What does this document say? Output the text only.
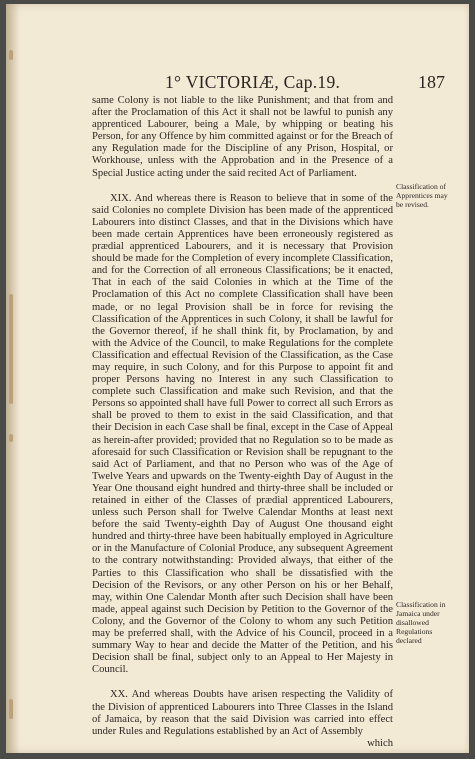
1° VICTORIÆ, Cap.19.	187

same Colony is not liable to the like Punishment; and that from and after the Proclamation of this Act it shall not be lawful to punish any apprenticed Labourer, being a Male, by whipping or beating his Person, for any Offence by him committed against or for the Breach of any Regulation made for the Discipline of any Prison, Hospital, or Workhouse, unless with the Approbation and in the Presence of a Special Justice acting under the said recited Act of Parliament.

XIX. And whereas there is Reason to believe that in some of the said Colonies no complete Division has been made of the apprenticed Labourers into distinct Classes, and that in the Divisions which have been made certain Apprentices have been erroneously registered as prædial apprenticed Labourers, and it is necessary that Provision should be made for the Completion of every incomplete Classification, and for the Correction of all erroneous Classifications; be it enacted, That in each of the said Colonies in which at the Time of the Proclamation of this Act no complete Classification shall have been made, or no legal Provision shall be in force for revising the Classification of the Apprentices in such Colony, it shall be lawful for the Governor thereof, if he shall think fit, by Proclamation, by and with the Advice of the Council, to make Regulations for the complete Classification and effectual Revision of the Classification, as the Case may require, in such Colony, and for this Purpose to appoint fit and proper Persons having no Interest in any such Classification to complete such Classification and make such Revision, and that the Persons so appointed shall have full Power to correct all such Errors as shall be proved to them to exist in the said Classification, and that their Decision in each Case shall be final, except in the Case of Appeal as herein-after provided; provided that no Regulation so to be made as aforesaid for such Classification or Revision shall be repugnant to the said Act of Parliament, and that no Person who was of the Age of Twelve Years and upwards on the Twenty-eighth Day of August in the Year One thousand eight hundred and thirty-three shall be included or retained in either of the Classes of prædial apprenticed Labourers, unless such Person shall for Twelve Calendar Months at least next before the said Twenty-eighth Day of August One thousand eight hundred and thirty-three have been habitually employed in Agriculture or in the Manufacture of Colonial Produce, any subsequent Agreement to the contrary notwithstanding: Provided always, that either of the Parties to this Classification who shall be dissatisfied with the Decision of the Revisors, or any other Person on his or her Behalf, may, within One Calendar Month after such Decision shall have been made, appeal against such Decision by Petition to the Governor of the Colony, and the Governor of the Colony to whom any such Petition may be preferred shall, with the Advice of his Council, proceed in a summary Way to hear and decide the Matter of the Petition, and his Decision shall be final, subject only to an Appeal to Her Majesty in Council.

XX. And whereas Doubts have arisen respecting the Validity of the Division of apprenticed Labourers into Three Classes in the Island of Jamaica, by reason that the said Division was carried into effect under Rules and Regulations established by an Act of Assembly

which

Classification of Apprentices may be revised.
Classification in Jamaica under disallowed Regulations declared
